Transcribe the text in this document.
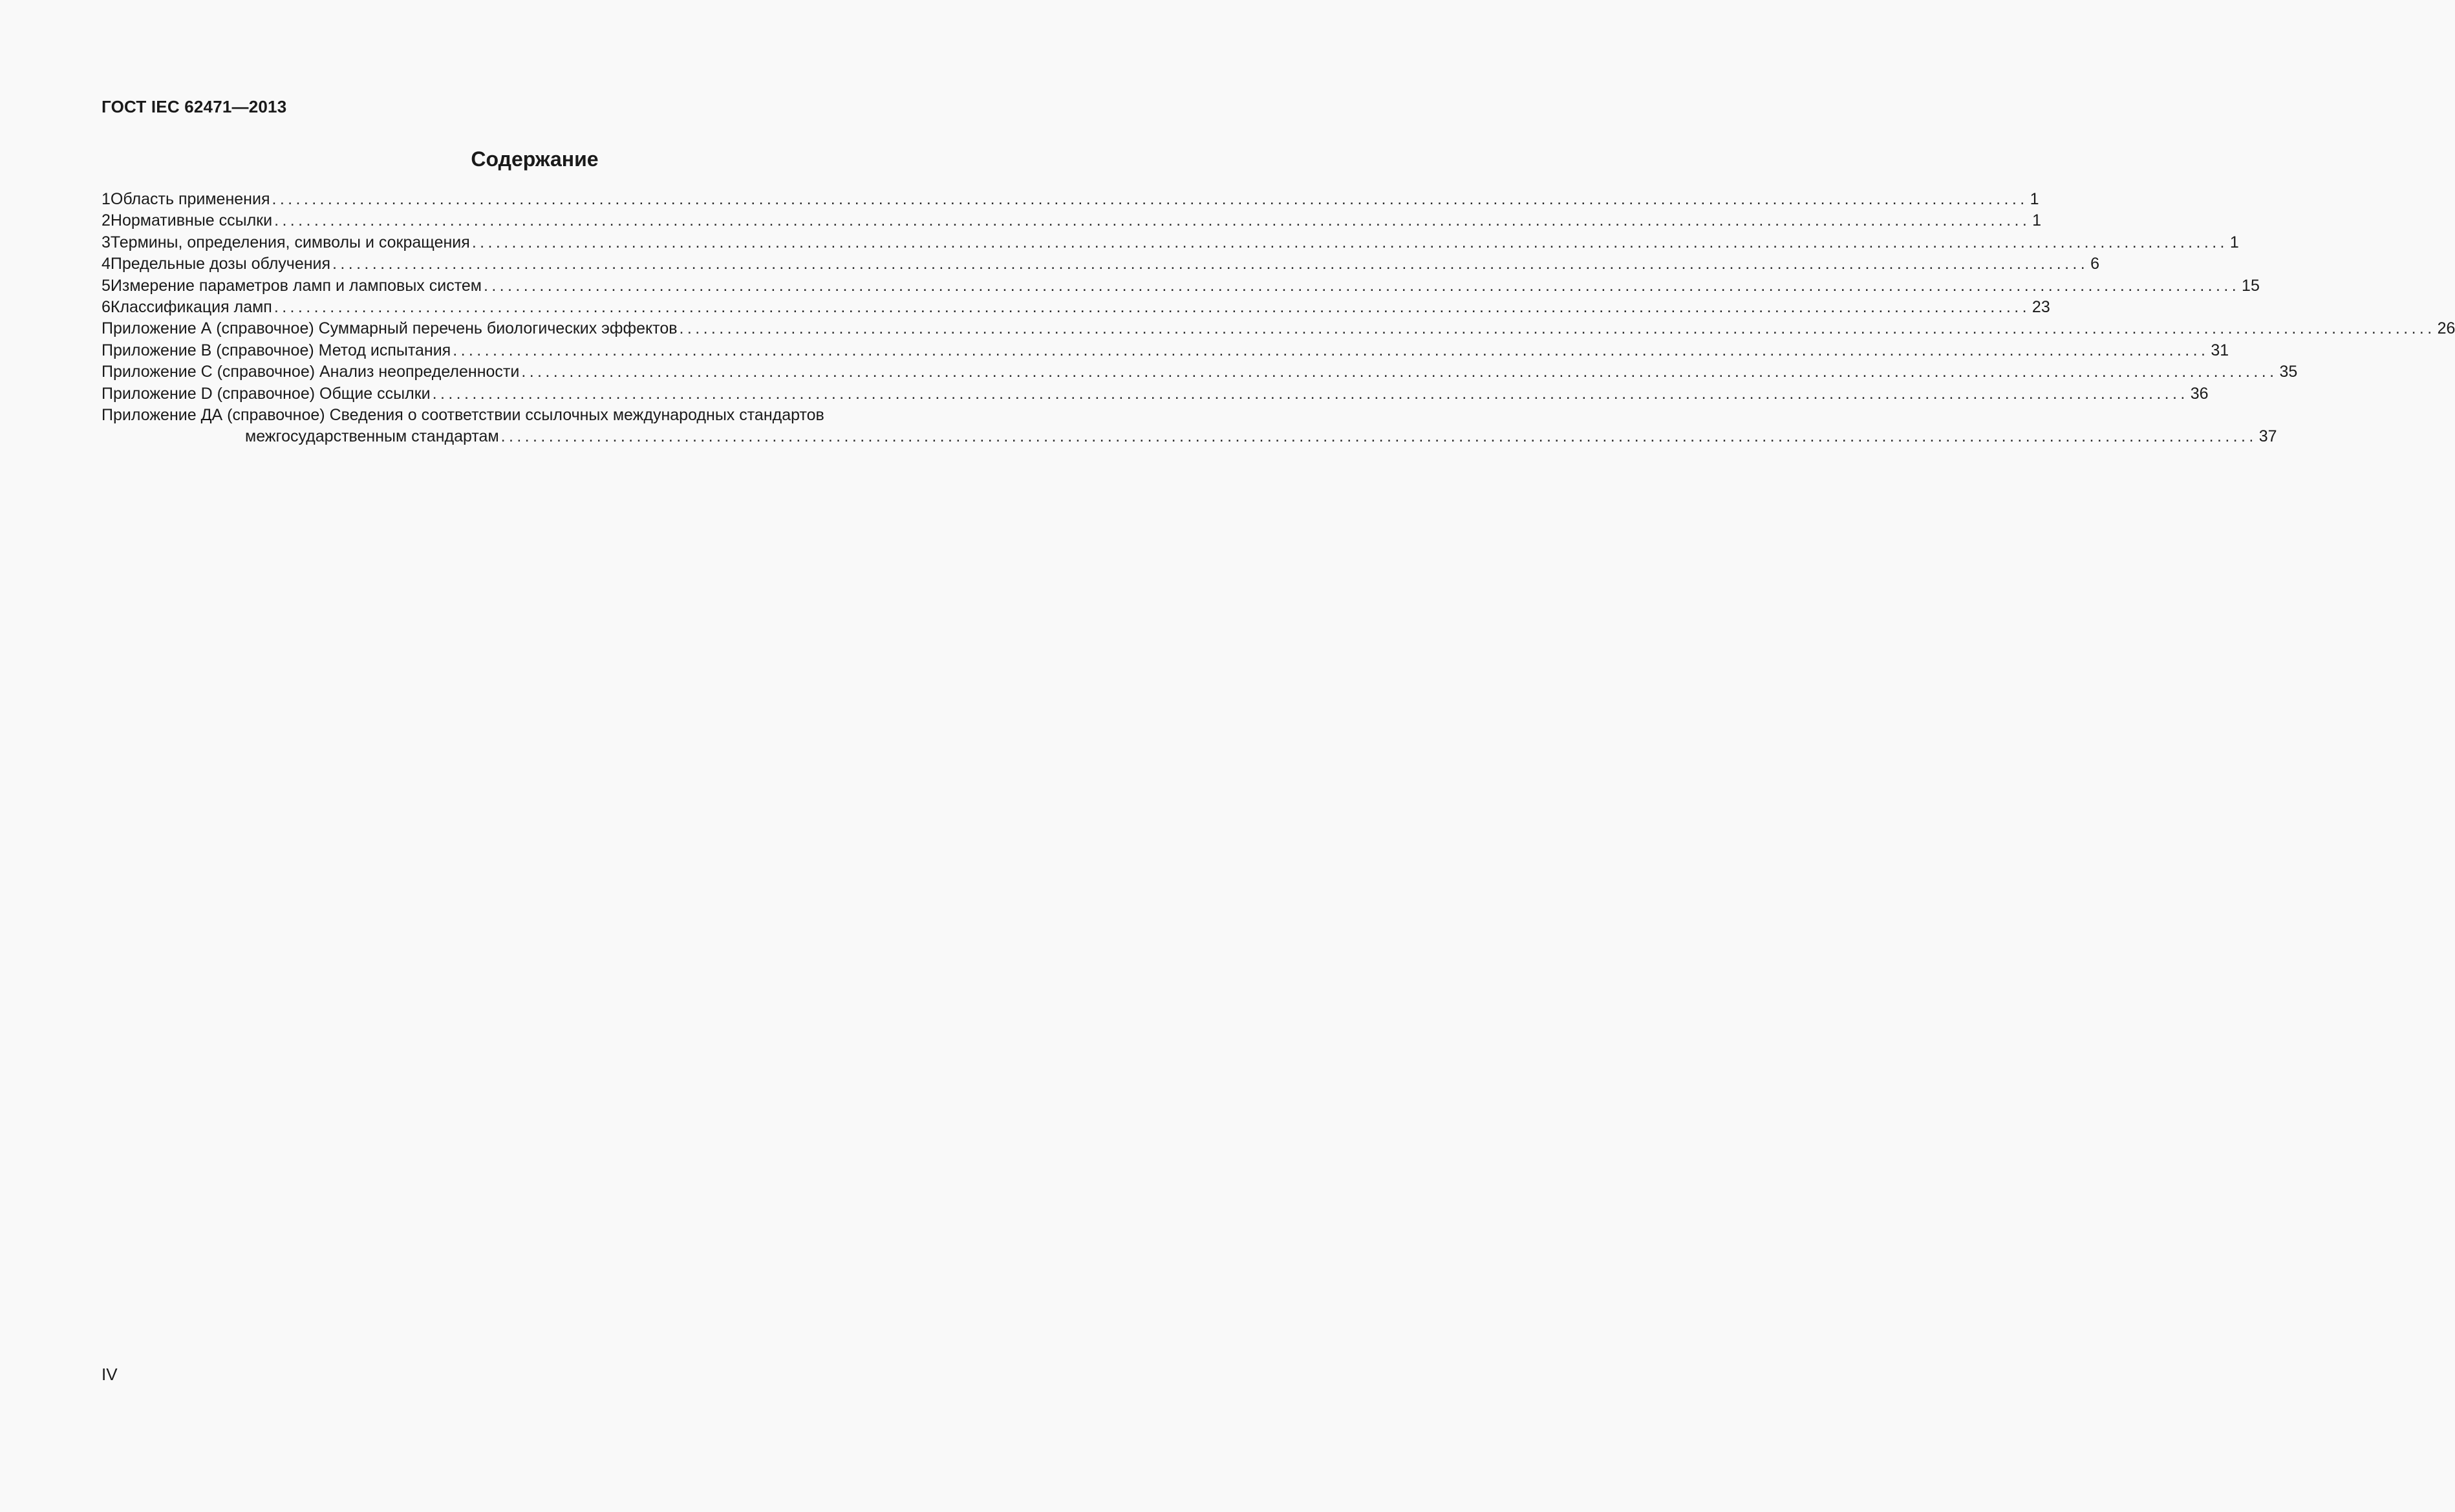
ГОСТ IEC 62471—2013
Содержание
1 Область применения ............................................................................................................................................................................................................................ 1
2 Нормативные ссылки ............................................................................................................................................................................................................................ 1
3 Термины, определения, символы и сокращения ............................................................................................................................................................................................................................ 1
4 Предельные дозы облучения ............................................................................................................................................................................................................................ 6
5 Измерение параметров ламп и ламповых систем ............................................................................................................................................................................................................................ 15
6 Классификация ламп ............................................................................................................................................................................................................................ 23
Приложение А (справочное) Суммарный перечень биологических эффектов ............................................................................................................................................................................................................................ 26
Приложение В (справочное) Метод испытания ............................................................................................................................................................................................................................ 31
Приложение С (справочное) Анализ неопределенности ............................................................................................................................................................................................................................ 35
Приложение D (справочное) Общие ссылки ............................................................................................................................................................................................................................ 36
Приложение ДА (справочное) Сведения о соответствии ссылочных международных стандартов
межгосударственным стандартам ............................................................................................................................................................................................................................ 37
IV
